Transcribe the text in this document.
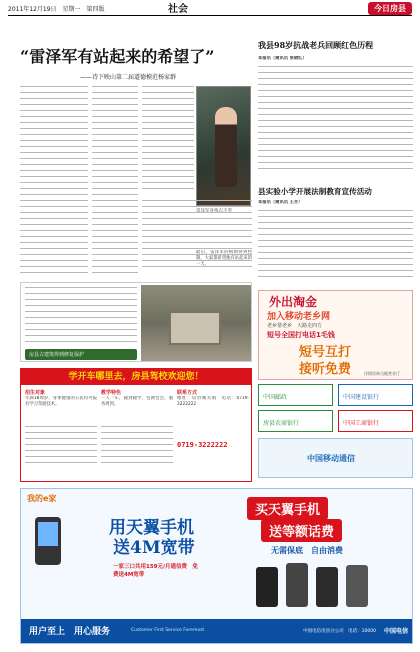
2011年12月19日　星期一　第四版	社会	今日房县
“雷泽军有站起来的希望了”
——诗下映山第二届道德模范杨家群
最后，雷泽军的病情得到控制，大家都希望他有站起来的一天。
房县古建筑得到修复保护
我县98岁抗战老兵回顾红色历程
本报讯（通讯员 张晓红）
县实验小学开展法制教育宣传活动
本报讯（通讯员 王芳）
外出淘金
加入移动老乡网
老乡帮老乡　大路走四方
短号全国打电话1毛钱
短号互打
接听免费	详情咨询当地营业厅
学开车哪里去，房县驾校欢迎您！
招生对象
年满18周岁、身体健康的公民均可报名学习驾驶技术。
教学特色
一人一车，随到随学，包教包会，服务周到。
联系方式
地址：房县城关镇　电话：0719-3222222
0719-3222222
中国邮政	中国建设银行
房县农商银行	中国工商银行
中国移动通信
我的e家
用天翼手机
送4M宽带
一家三口共用159元/月通信费　免费送4M宽带
买天翼手机
送等额话费
无需保底　自由消费
用户至上　用心服务	Customer First Service Foremost	中国电信房县分公司　电话：10000 中国电信
